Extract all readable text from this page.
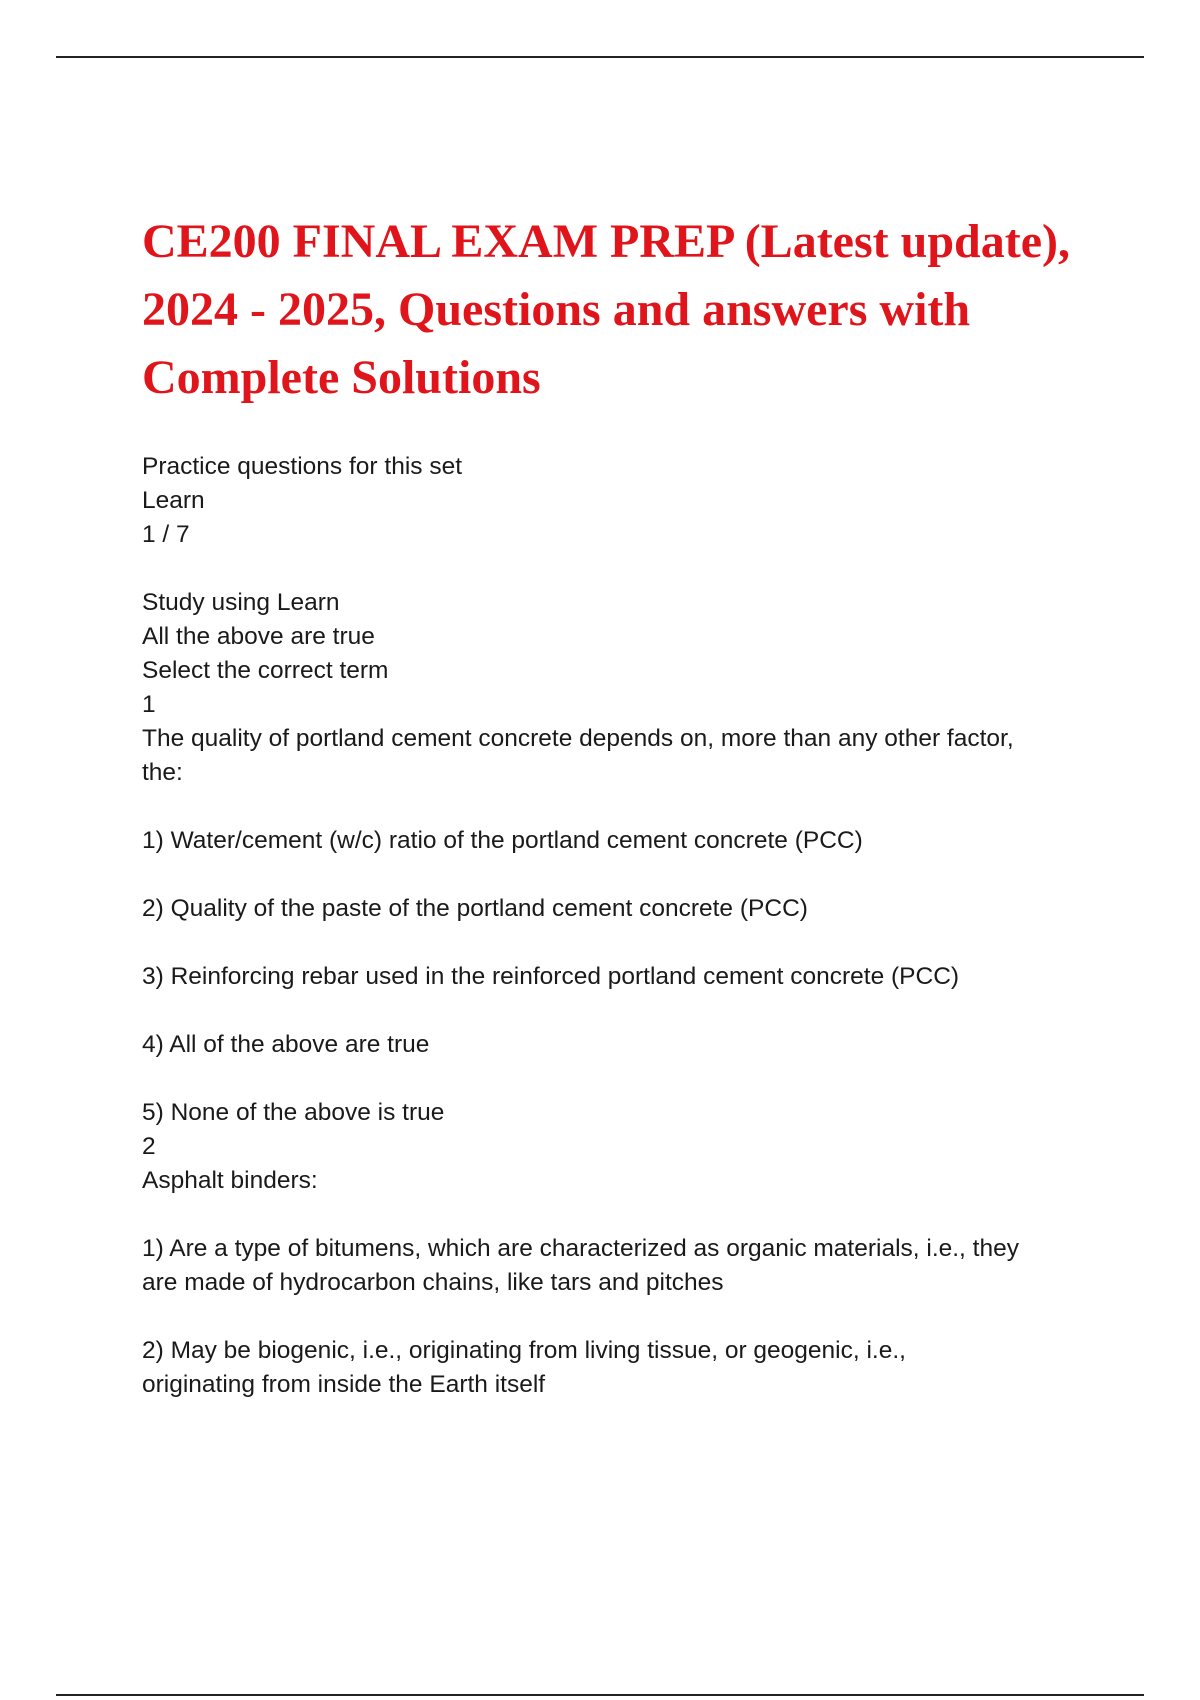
CE200 FINAL EXAM PREP (Latest update),
2024 - 2025, Questions and answers with
Complete Solutions
Practice questions for this set
Learn
1 / 7
Study using Learn
All the above are true
Select the correct term
1
The quality of portland cement concrete depends on, more than any other factor,
the:
1) Water/cement (w/c) ratio of the portland cement concrete (PCC)
2) Quality of the paste of the portland cement concrete (PCC)
3) Reinforcing rebar used in the reinforced portland cement concrete (PCC)
4) All of the above are true
5) None of the above is true
2
Asphalt binders:
1) Are a type of bitumens, which are characterized as organic materials, i.e., they
are made of hydrocarbon chains, like tars and pitches
2) May be biogenic, i.e., originating from living tissue, or geogenic, i.e.,
originating from inside the Earth itself
